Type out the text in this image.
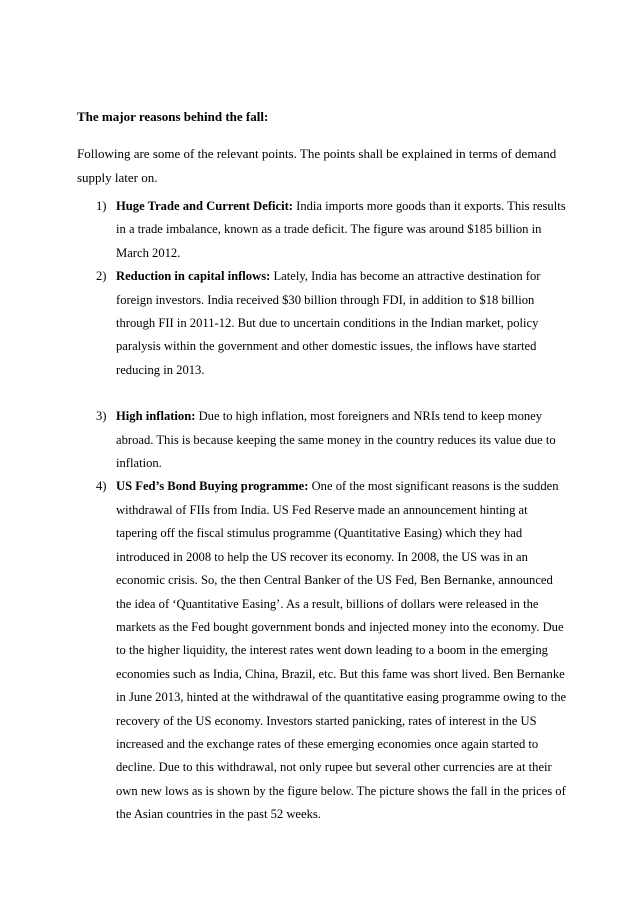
The major reasons behind the fall:

Following are some of the relevant points. The points shall be explained in terms of demand supply later on.

1) Huge Trade and Current Deficit: India imports more goods than it exports. This results in a trade imbalance, known as a trade deficit. The figure was around $185 billion in March 2012.
2) Reduction in capital inflows: Lately, India has become an attractive destination for foreign investors. India received $30 billion through FDI, in addition to $18 billion through FII in 2011-12. But due to uncertain conditions in the Indian market, policy paralysis within the government and other domestic issues, the inflows have started reducing in 2013.
3) High inflation: Due to high inflation, most foreigners and NRIs tend to keep money abroad. This is because keeping the same money in the country reduces its value due to inflation.
4) US Fed’s Bond Buying programme: One of the most significant reasons is the sudden withdrawal of FIIs from India. US Fed Reserve made an announcement hinting at tapering off the fiscal stimulus programme (Quantitative Easing) which they had introduced in 2008 to help the US recover its economy. In 2008, the US was in an economic crisis. So, the then Central Banker of the US Fed, Ben Bernanke, announced the idea of ‘Quantitative Easing’. As a result, billions of dollars were released in the markets as the Fed bought government bonds and injected money into the economy. Due to the higher liquidity, the interest rates went down leading to a boom in the emerging economies such as India, China, Brazil, etc. But this fame was short lived. Ben Bernanke in June 2013, hinted at the withdrawal of the quantitative easing programme owing to the recovery of the US economy. Investors started panicking, rates of interest in the US increased and the exchange rates of these emerging economies once again started to decline. Due to this withdrawal, not only rupee but several other currencies are at their own new lows as is shown by the figure below. The picture shows the fall in the prices of the Asian countries in the past 52 weeks.
